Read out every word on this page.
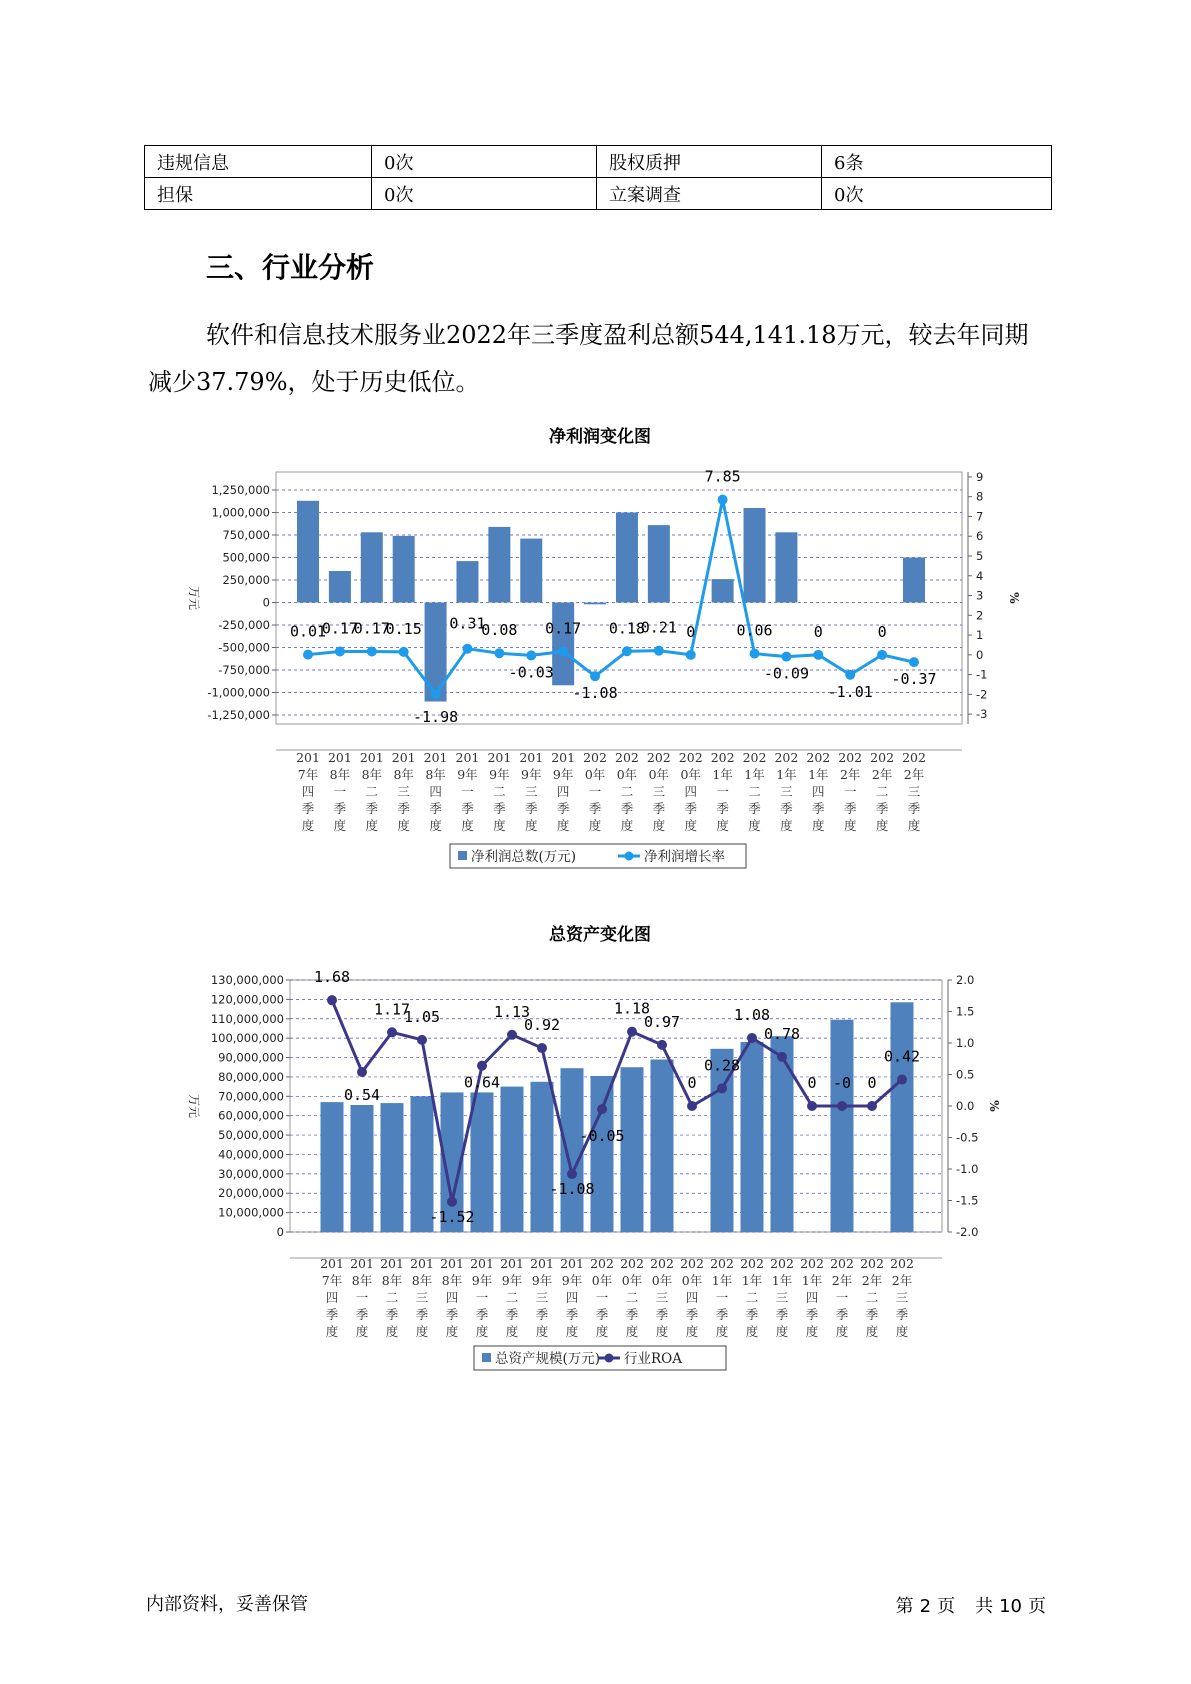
违规信息	0次	股权质押	6条
担保	0次	立案调查	0次
三、行业分析

软件和信息技术服务业2022年三季度盈利总额544,141.18万元，较去年同期减少37.79%，处于历史低位。

净利润变化图
1,250,000
1,000,000
750,000
500,000
250,000
0
-250,000
-500,000
-750,000
-1,000,000
-1,250,000
9
8
7
6
5
4
3
2
1
0
-1
-2
-3
万元	%
201
7年
四
季
度
201
8年
一
季
度
201
8年
二
季
度
201
8年
三
季
度
201
8年
四
季
度
201
9年
一
季
度
201
9年
二
季
度
201
9年
三
季
度
201
9年
四
季
度
202
0年
一
季
度
202
0年
二
季
度
202
0年
三
季
度
202
0年
四
季
度
202
1年
一
季
度
202
1年
二
季
度
202
1年
三
季
度
202
1年
四
季
度
202
2年
一
季
度
202
2年
二
季
度
202
2年
三
季
度
0.01
0.17
0.17
0.15
-1.98
0.31
0.08
-0.03
0.17
-1.08
0.18
0.21 0
7.85
0.06
-0.09
0
-1.01
0
-0.37
净利润总数(万元)	净利润增长率
总资产变化图
130,000,000
120,000,000
110,000,000
100,000,000
90,000,000
80,000,000
70,000,000
60,000,000
50,000,000
40,000,000
30,000,000
20,000,000
10,000,000
0
2.0
1.5
1.0
0.5
0.0
-0.5
-1.0
-1.5
-2.0
万元	%
201
7年
四
季
度
201
8年
一
季
度
201
8年
二
季
度
201
8年
三
季
度
201
8年
四
季
度
201
9年
一
季
度
201
9年
二
季
度
201
9年
三
季
度
201
9年
四
季
度
202
0年
一
季
度
202
0年
二
季
度
202
0年
三
季
度
202
0年
四
季
度
202
1年
一
季
度
202
1年
二
季
度
202
1年
三
季
度
202
1年
四
季
度
202
2年
一
季
度
202
2年
二
季
度
202
2年
三
季
度
1.68
0.54
1.17
1.05
-1.52
0.64
1.13
0.92
-1.08
-0.05
1.18
0.97
0
0.28
1.08
0.78
0 -0 0
0.42
总资产规模(万元) 行业ROA
内部资料，妥善保管	第 2 页 共 10 页
